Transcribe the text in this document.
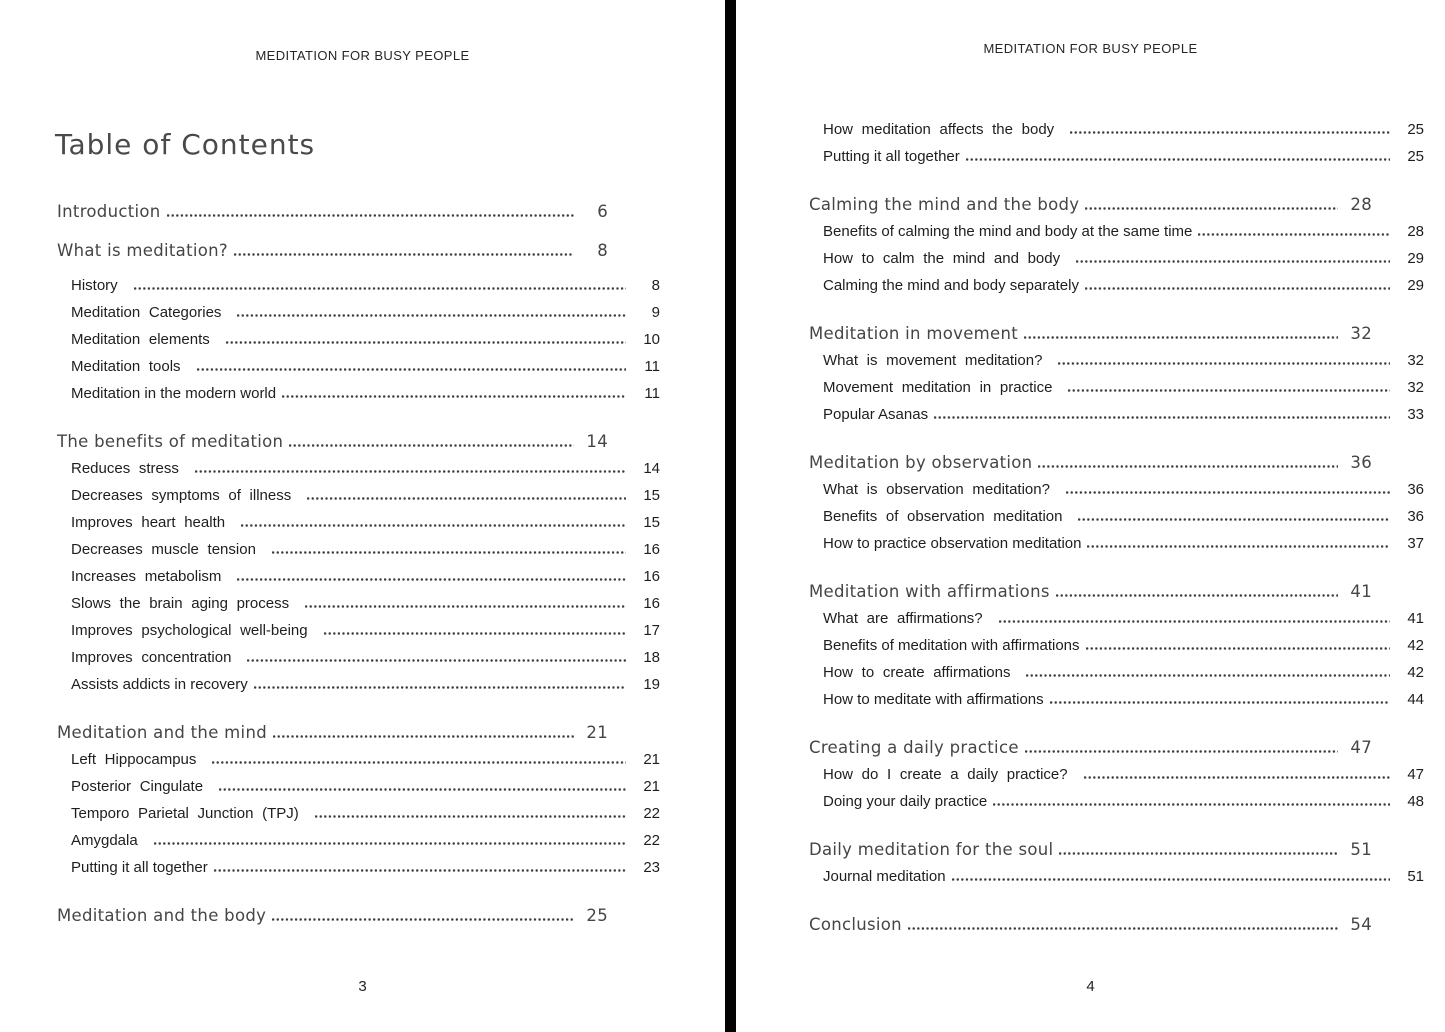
MEDITATION FOR BUSY PEOPLE
Table of Contents
Introduction	6
What is meditation?	8
History	8
Meditation Categories	9
Meditation elements	10
Meditation tools	11
Meditation in the modern world	11
The benefits of meditation	14
Reduces stress	14
Decreases symptoms of illness	15
Improves heart health	15
Decreases muscle tension	16
Increases metabolism	16
Slows the brain aging process	16
Improves psychological well-being	17
Improves concentration	18
Assists addicts in recovery	19
Meditation and the mind	21
Left Hippocampus	21
Posterior Cingulate	21
Temporo Parietal Junction (TPJ)	22
Amygdala	22
Putting it all together	23
Meditation and the body	25
3
MEDITATION FOR BUSY PEOPLE
How meditation affects the body	25
Putting it all together	25
Calming the mind and the body	28
Benefits of calming the mind and body at the same time	28
How to calm the mind and body	29
Calming the mind and body separately	29
Meditation in movement	32
What is movement meditation?	32
Movement meditation in practice	32
Popular Asanas	33
Meditation by observation	36
What is observation meditation?	36
Benefits of observation meditation	36
How to practice observation meditation	37
Meditation with affirmations	41
What are affirmations?	41
Benefits of meditation with affirmations	42
How to create affirmations	42
How to meditate with affirmations	44
Creating a daily practice	47
How do I create a daily practice?	47
Doing your daily practice	48
Daily meditation for the soul	51
Journal meditation	51
Conclusion	54
4
